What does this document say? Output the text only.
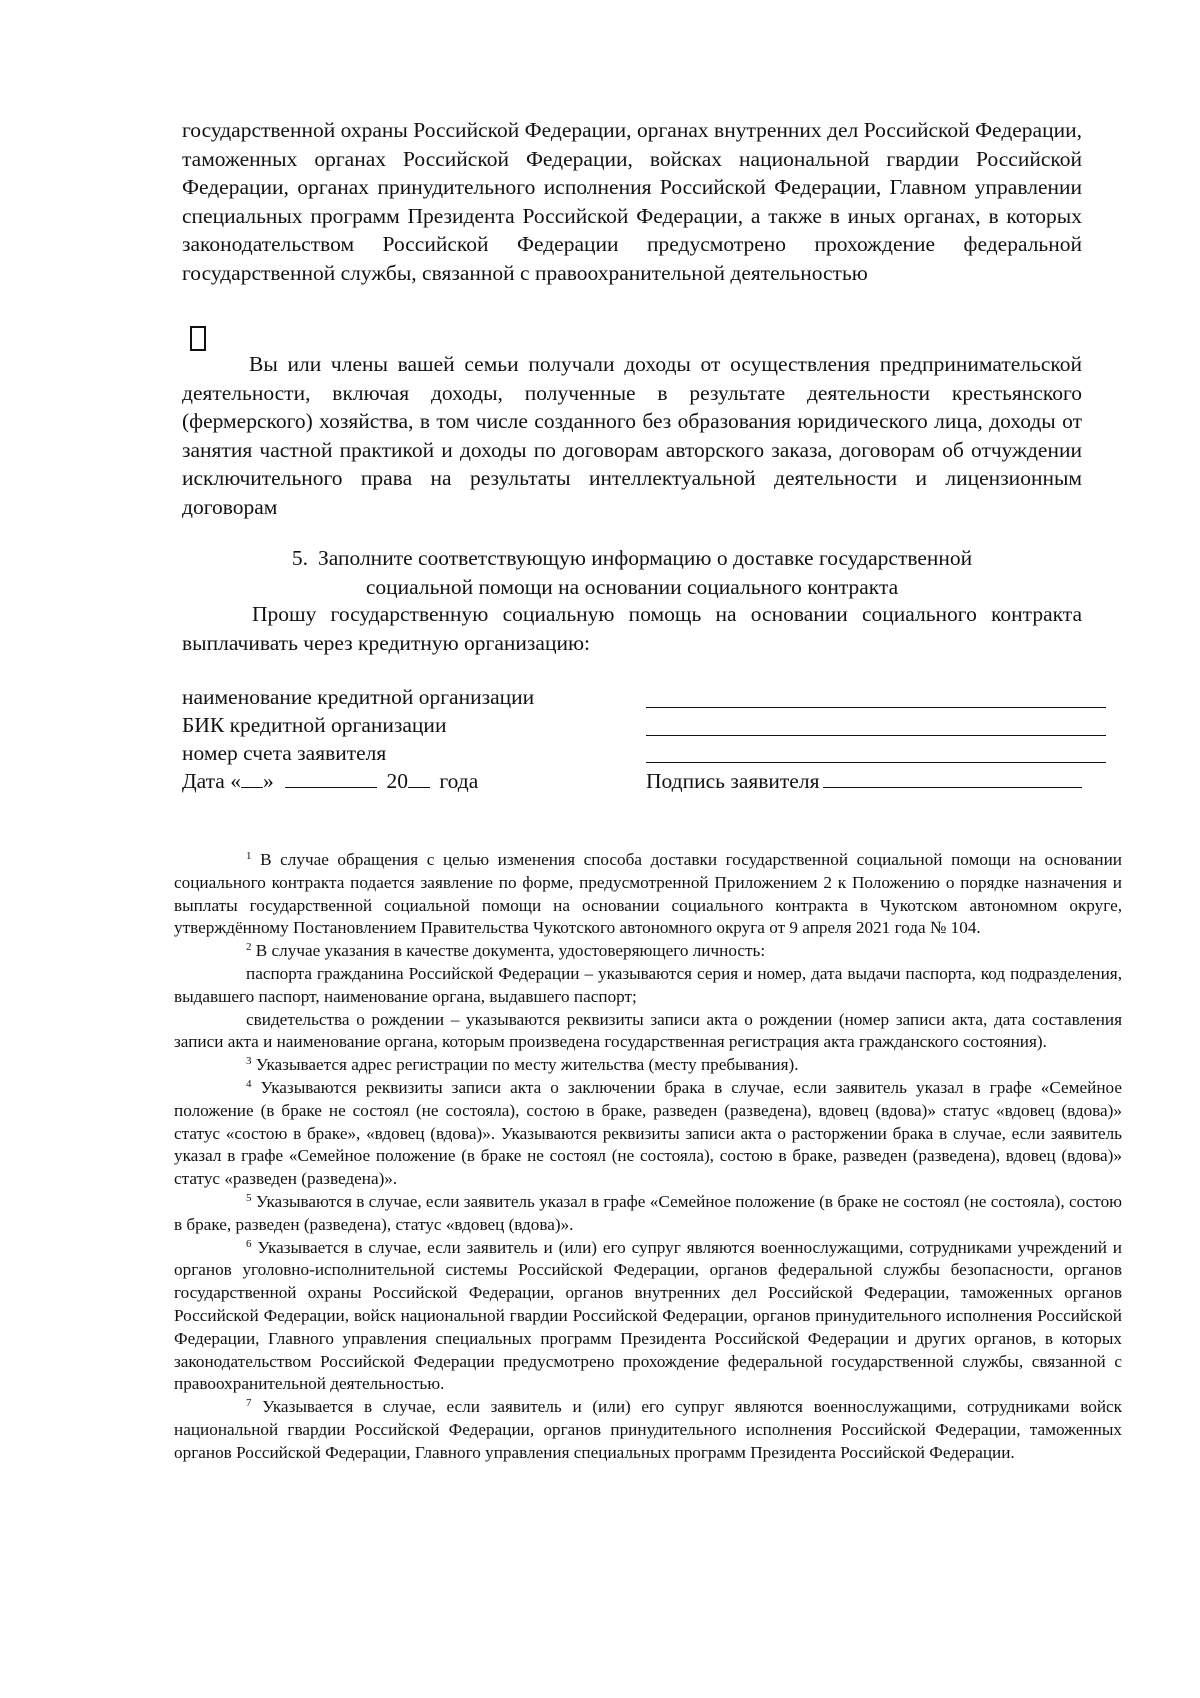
государственной охраны Российской Федерации, органах внутренних дел Российской Федерации, таможенных органах Российской Федерации, войсках национальной гвардии Российской Федерации, органах принудительного исполнения Российской Федерации, Главном управлении специальных программ Президента Российской Федерации, а также в иных органах, в которых законодательством Российской Федерации предусмотрено прохождение федеральной государственной службы, связанной с правоохранительной деятельностью

Вы или члены вашей семьи получали доходы от осуществления предпринимательской деятельности, включая доходы, полученные в результате деятельности крестьянского (фермерского) хозяйства, в том числе созданного без образования юридического лица, доходы от занятия частной практикой и доходы по договорам авторского заказа, договорам об отчуждении исключительного права на результаты интеллектуальной деятельности и лицензионным договорам

5. Заполните соответствующую информацию о доставке государственной
социальной помощи на основании социального контракта

Прошу государственную социальную помощь на основании социального контракта выплачивать через кредитную организацию:

наименование кредитной организации
БИК кредитной организации
номер счета заявителя
Дата « »	20 года	Подпись заявителя

$^1$ В случае обращения с целью изменения способа доставки государственной социальной помощи на основании социального контракта подается заявление по форме, предусмотренной Приложением 2 к Положению о порядке назначения и выплаты государственной социальной помощи на основании социального контракта в Чукотском автономном округе, утверждённому Постановлением Правительства Чукотского автономного округа от 9 апреля 2021 года № 104.

$^2$ В случае указания в качестве документа, удостоверяющего личность:

паспорта гражданина Российской Федерации – указываются серия и номер, дата выдачи паспорта, код подразделения, выдавшего паспорт, наименование органа, выдавшего паспорт;

свидетельства о рождении – указываются реквизиты записи акта о рождении (номер записи акта, дата составления записи акта и наименование органа, которым произведена государственная регистрация акта гражданского состояния).

$^3$ Указывается адрес регистрации по месту жительства (месту пребывания).

$^4$ Указываются реквизиты записи акта о заключении брака в случае, если заявитель указал в графе «Семейное положение (в браке не состоял (не состояла), состою в браке, разведен (разведена), вдовец (вдова)» статус «вдовец (вдова)» статус «состою в браке», «вдовец (вдова)». Указываются реквизиты записи акта о расторжении брака в случае, если заявитель указал в графе «Семейное положение (в браке не состоял (не состояла), состою в браке, разведен (разведена), вдовец (вдова)» статус «разведен (разведена)».

$^5$ Указываются в случае, если заявитель указал в графе «Семейное положение (в браке не состоял (не состояла), состою в браке, разведен (разведена), статус «вдовец (вдова)».

$^6$ Указывается в случае, если заявитель и (или) его супруг являются военнослужащими, сотрудниками учреждений и органов уголовно-исполнительной системы Российской Федерации, органов федеральной службы безопасности, органов государственной охраны Российской Федерации, органов внутренних дел Российской Федерации, таможенных органов Российской Федерации, войск национальной гвардии Российской Федерации, органов принудительного исполнения Российской Федерации, Главного управления специальных программ Президента Российской Федерации и других органов, в которых законодательством Российской Федерации предусмотрено прохождение федеральной государственной службы, связанной с правоохранительной деятельностью.

$^7$ Указывается в случае, если заявитель и (или) его супруг являются военнослужащими, сотрудниками войск национальной гвардии Российской Федерации, органов принудительного исполнения Российской Федерации, таможенных органов Российской Федерации, Главного управления специальных программ Президента Российской Федерации.
